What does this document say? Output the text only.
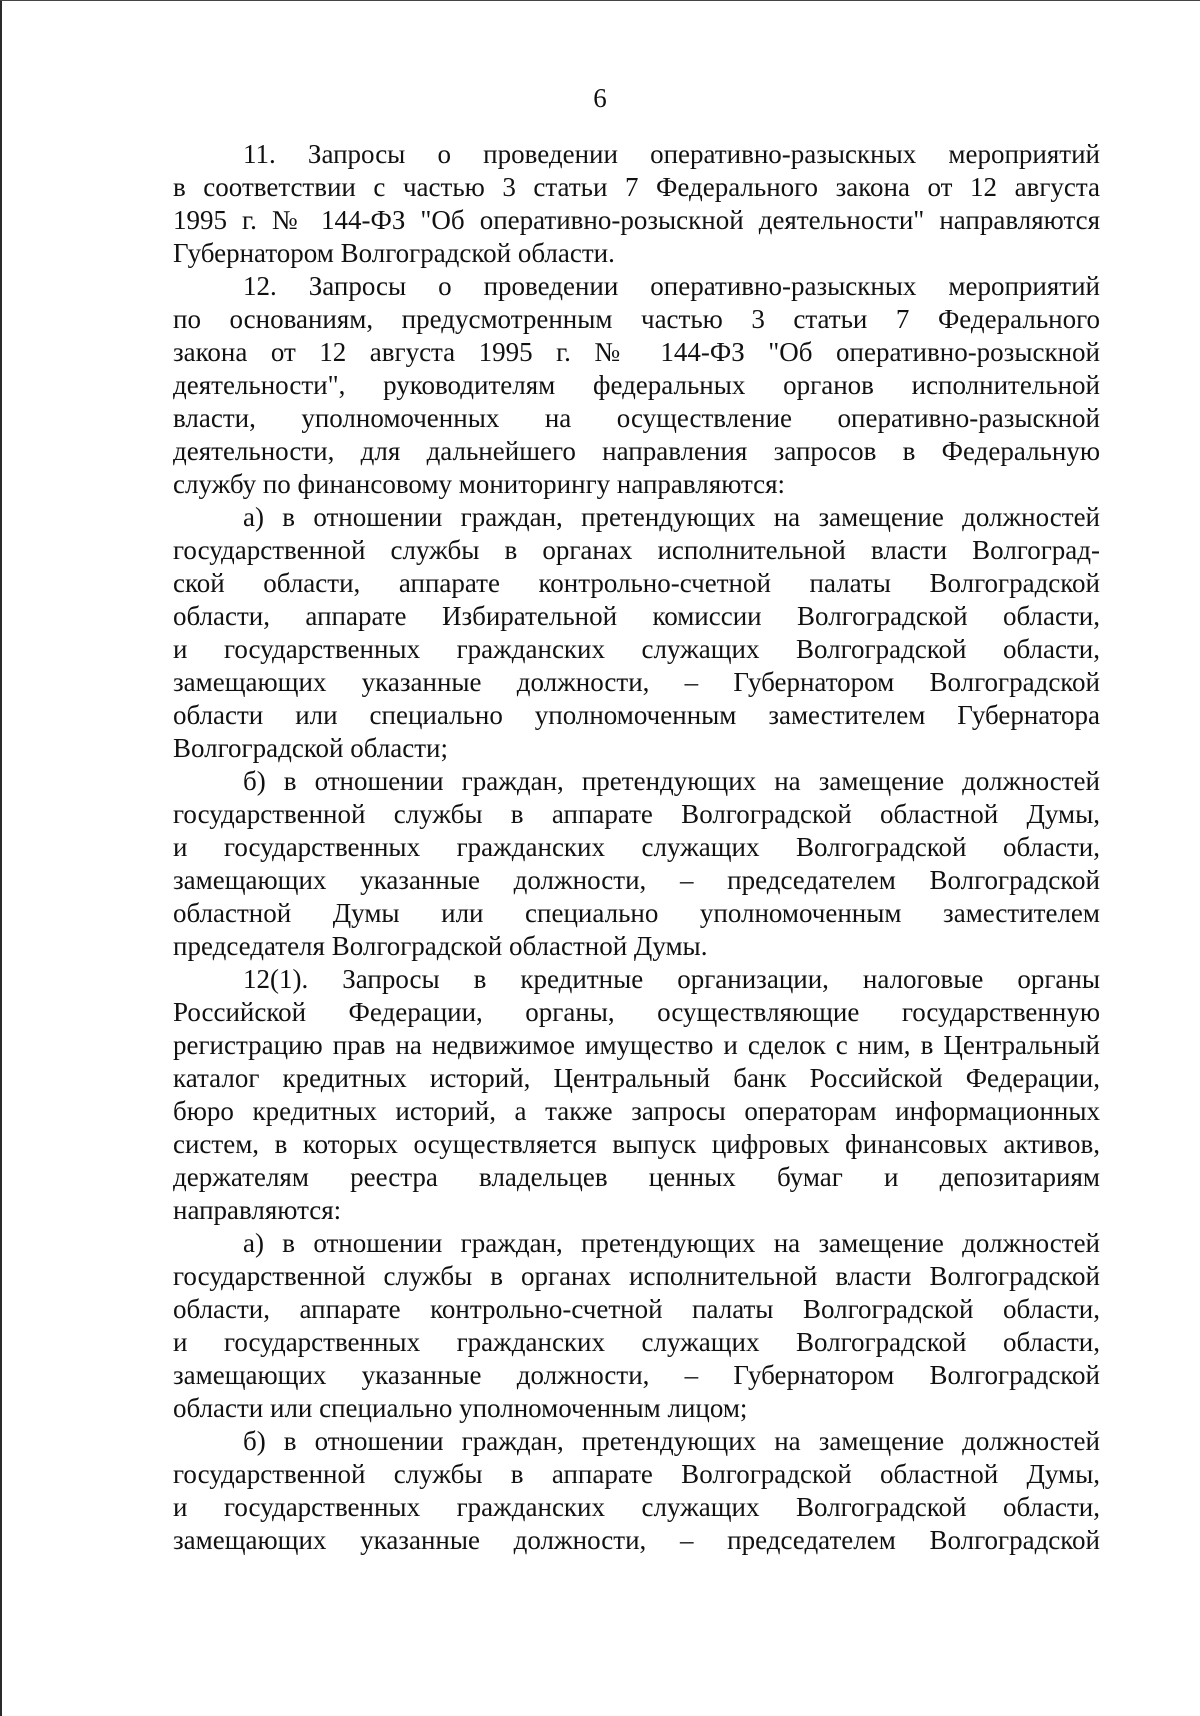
6
11. Запросы о проведении оперативно-разыскных мероприятий
в соответствии с частью 3 статьи 7 Федерального закона от 12 августа
1995 г. № 144-ФЗ "Об оперативно-розыскной деятельности" направляются
Губернатором Волгоградской области.
12. Запросы о проведении оперативно-разыскных мероприятий
по основаниям, предусмотренным частью 3 статьи 7 Федерального
закона от 12 августа 1995 г. № 144-ФЗ "Об оперативно-розыскной
деятельности", руководителям федеральных органов исполнительной
власти, уполномоченных на осуществление оперативно-разыскной
деятельности, для дальнейшего направления запросов в Федеральную
службу по финансовому мониторингу направляются:
а) в отношении граждан, претендующих на замещение должностей
государственной службы в органах исполнительной власти Волгоград-
ской области, аппарате контрольно-счетной палаты Волгоградской
области, аппарате Избирательной комиссии Волгоградской области,
и государственных гражданских служащих Волгоградской области,
замещающих указанные должности, – Губернатором Волгоградской
области или специально уполномоченным заместителем Губернатора
Волгоградской области;
б) в отношении граждан, претендующих на замещение должностей
государственной службы в аппарате Волгоградской областной Думы,
и государственных гражданских служащих Волгоградской области,
замещающих указанные должности, – председателем Волгоградской
областной Думы или специально уполномоченным заместителем
председателя Волгоградской областной Думы.
12(1). Запросы в кредитные организации, налоговые органы
Российской Федерации, органы, осуществляющие государственную
регистрацию прав на недвижимое имущество и сделок с ним, в Центральный
каталог кредитных историй, Центральный банк Российской Федерации,
бюро кредитных историй, а также запросы операторам информационных
систем, в которых осуществляется выпуск цифровых финансовых активов,
держателям реестра владельцев ценных бумаг и депозитариям
направляются:
а) в отношении граждан, претендующих на замещение должностей
государственной службы в органах исполнительной власти Волгоградской
области, аппарате контрольно-счетной палаты Волгоградской области,
и государственных гражданских служащих Волгоградской области,
замещающих указанные должности, – Губернатором Волгоградской
области или специально уполномоченным лицом;
б) в отношении граждан, претендующих на замещение должностей
государственной службы в аппарате Волгоградской областной Думы,
и государственных гражданских служащих Волгоградской области,
замещающих указанные должности, – председателем Волгоградской
